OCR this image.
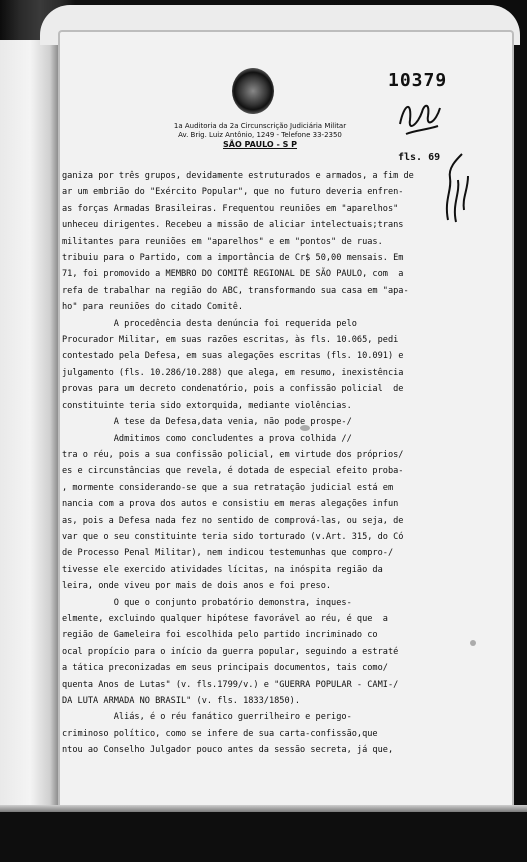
10379
1a Auditoria da 2a Circunscrição Judiciária Militar
Av. Brig. Luiz Antônio, 1249 - Telefone 33-2350
SÃO PAULO - S P
fls. 69

ganiza por três grupos, devidamente estruturados e armados, a fim de

ar um embrião do "Exército Popular", que no futuro deveria enfren-

as forças Armadas Brasileiras. Frequentou reuniões em "aparelhos"

unheceu dirigentes. Recebeu a missão de aliciar intelectuais;trans

militantes para reuniões em "aparelhos" e em "pontos" de ruas.

tribuiu para o Partido, com a importância de Cr$ 50,00 mensais. Em

71, foi promovido a MEMBRO DO COMITÊ REGIONAL DE SÃO PAULO, com  a

refa de trabalhar na região do ABC, transformando sua casa em "apa-

ho" para reuniões do citado Comitê.

A procedência desta denúncia foi requerida pelo

Procurador Militar, em suas razões escritas, às fls. 10.065, pedi

contestado pela Defesa, em suas alegações escritas (fls. 10.091) e

julgamento (fls. 10.286/10.288) que alega, em resumo, inexistência

provas para um decreto condenatório, pois a confissão policial  de

constituinte teria sido extorquida, mediante violências.

A tese da Defesa,data venia, não pode prospe-/

Admitimos como concludentes a prova colhida //

tra o réu, pois a sua confissão policial, em virtude dos próprios/

es e circunstâncias que revela, é dotada de especial efeito proba-

, mormente considerando-se que a sua retratação judicial está em

nancia com a prova dos autos e consistiu em meras alegações infun

as, pois a Defesa nada fez no sentido de comprová-las, ou seja, de

var que o seu constituinte teria sido torturado (v.Art. 315, do Có

de Processo Penal Militar), nem indicou testemunhas que compro-/

tivesse ele exercido atividades lícitas, na inóspita região da

leira, onde viveu por mais de dois anos e foi preso.

O que o conjunto probatório demonstra, inques-

elmente, excluindo qualquer hipótese favorável ao réu, é que  a

região de Gameleira foi escolhida pelo partido incriminado co

ocal propício para o início da guerra popular, seguindo a estraté

a tática preconizadas em seus principais documentos, tais como/

quenta Anos de Lutas" (v. fls.1799/v.) e "GUERRA POPULAR - CAMI-/

DA LUTA ARMADA NO BRASIL" (v. fls. 1833/1850).

Aliás, é o réu fanático guerrilheiro e perigo-

criminoso político, como se infere de sua carta-confissão,que

ntou ao Conselho Julgador pouco antes da sessão secreta, já que,
